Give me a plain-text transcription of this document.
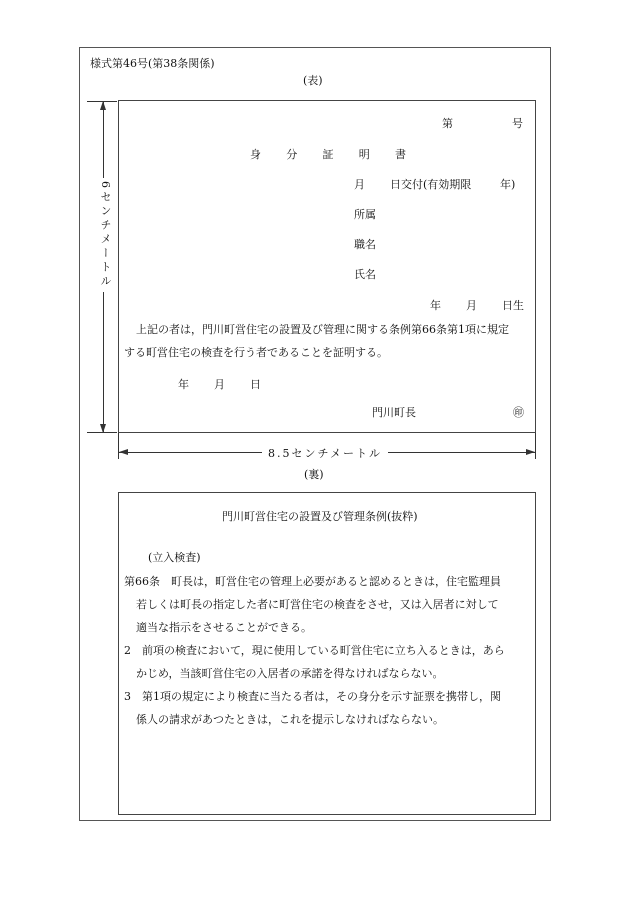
様式第46号(第38条関係)
(表)
6センチメートル
第	号
身 分 証 明 書
月 日交付(有効期限	年)
所属
職名
氏名
年 月 日生
上記の者は，門川町営住宅の設置及び管理に関する条例第66条第1項に規定
する町営住宅の検査を行う者であることを証明する。
年 月 日
門川町長	㊞
8.5センチメートル
(裏)
門川町営住宅の設置及び管理条例(抜粋)
(立入検査)
第66条　町長は，町営住宅の管理上必要があると認めるときは，住宅監理員
若しくは町長の指定した者に町営住宅の検査をさせ，又は入居者に対して
適当な指示をさせることができる。
2　前項の検査において，現に使用している町営住宅に立ち入るときは，あら
かじめ，当該町営住宅の入居者の承諾を得なければならない。
3　第1項の規定により検査に当たる者は，その身分を示す証票を携帯し，関
係人の請求があつたときは，これを提示しなければならない。
